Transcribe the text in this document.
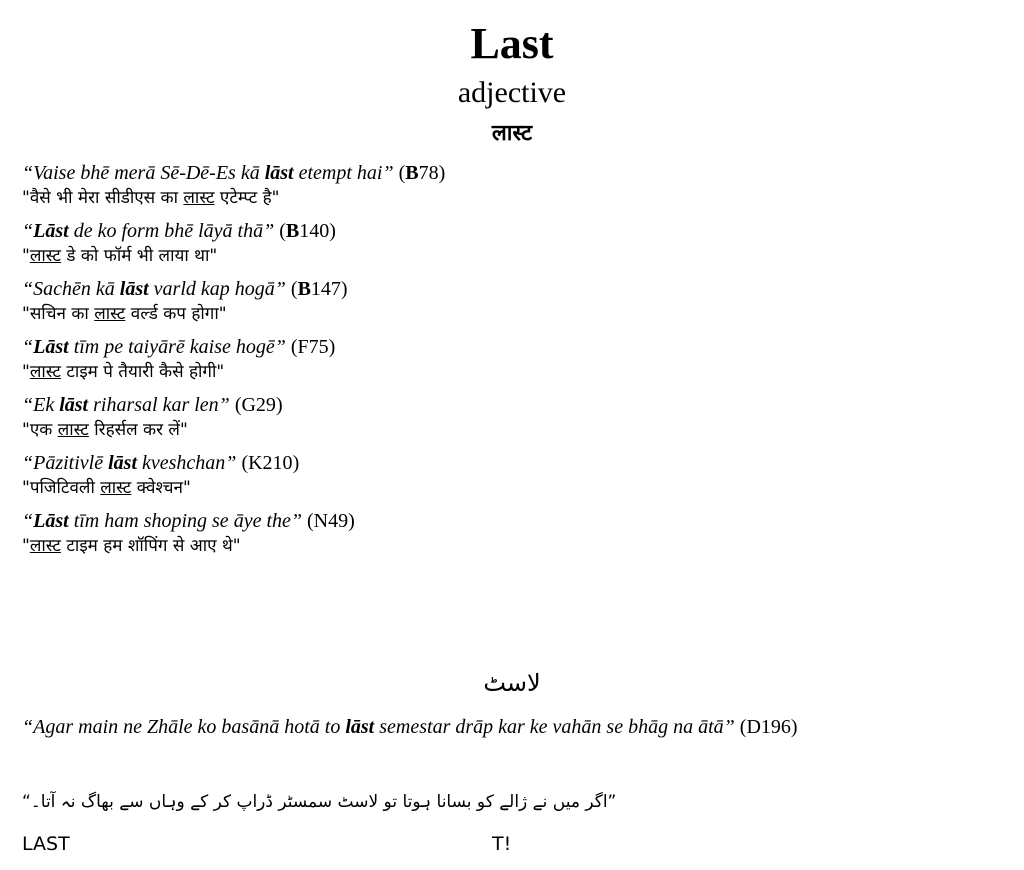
Last
adjective
लास्ट
“Vaise bhē merā Sē-Dē-Es kā lāst etempt hai” (B78)
"वैसे भी मेरा सीडीएस का लास्ट एटेम्प्ट है"
“Lāst de ko form bhē lāyā thā” (B140)
"लास्ट डे को फॉर्म भी लाया था"
“Sachēn kā lāst varld kap hogā” (B147)
"सचिन का लास्ट वर्ल्ड कप होगा"
“Lāst tīm pe taiyārē kaise hogē” (F75)
"लास्ट टाइम पे तैयारी कैसे होगी"
“Ek lāst riharsal kar len” (G29)
"एक लास्ट रिहर्सल कर लें"
“Pāzitivlē lāst kveshchan” (K210)
"पजिटिवली लास्ट क्वेश्चन"
“Lāst tīm ham shoping se āye the” (N49)
"लास्ट टाइम हम शॉपिंग से आए थे"
لاسٹ
“Agar main ne Zhāle ko basānā hotā to lāst semestar drāp kar ke vahān se bhāg na ātā” (D196)
”اگر میں نے ژالے کو بسانا ہوتا تو لاسٹ سمسٹر ڈراپ کر کے وہاں سے بھاگ نہ آتا۔“
LAST	T!
